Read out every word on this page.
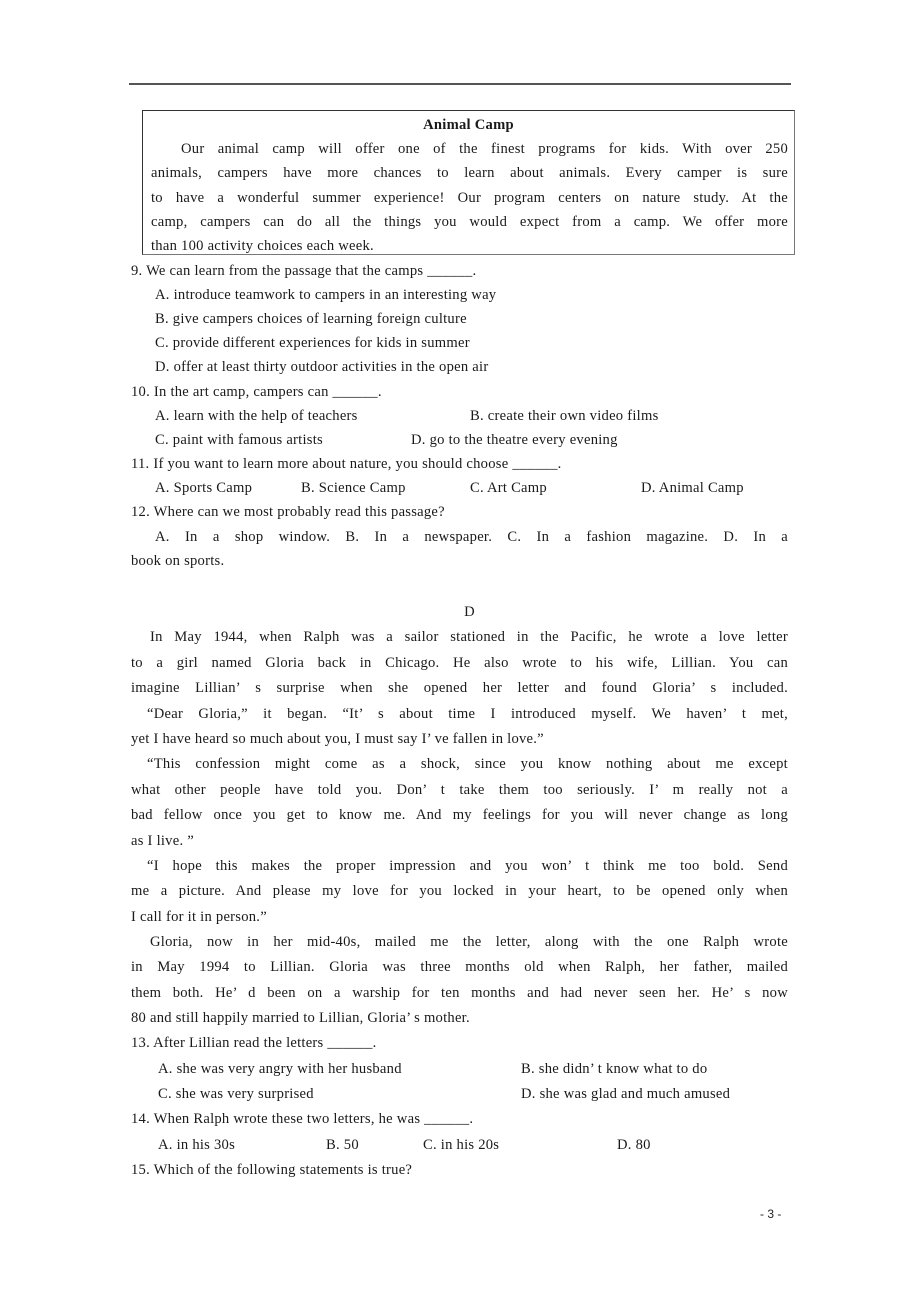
Animal Camp
Our animal camp will offer one of the finest programs for kids. With over 250
animals, campers have more chances to learn about animals. Every camper is sure
to have a wonderful summer experience! Our program centers on nature study. At the
camp, campers can do all the things you would expect from a camp. We offer more
than 100 activity choices each week.
9. We can learn from the passage that the camps ______.
A. introduce teamwork to campers in an interesting way
B. give campers choices of learning foreign culture
C. provide different experiences for kids in summer
D. offer at least thirty outdoor activities in the open air
10. In the art camp, campers can ______.
A. learn with the help of teachers	B. create their own video films
C. paint with famous artists	D. go to the theatre every evening
11. If you want to learn more about nature, you should choose ______.
A. Sports Camp	B. Science Camp	C. Art Camp	D. Animal Camp
12. Where can we most probably read this passage?
A. In a shop window. B. In a newspaper. C. In a fashion magazine. D. In a
book on sports.
D
In May 1944, when Ralph was a sailor stationed in the Pacific, he wrote a love letter
to a girl named Gloria back in Chicago. He also wrote to his wife, Lillian. You can
imagine Lillian’ s surprise when she opened her letter and found Gloria’ s included.
“Dear Gloria,” it began. “It’ s about time I introduced myself. We haven’ t met,
yet I have heard so much about you, I must say I’ ve fallen in love.”
“This confession might come as a shock, since you know nothing about me except
what other people have told you. Don’ t take them too seriously. I’ m really not a
bad fellow once you get to know me. And my feelings for you will never change as long
as I live. ”
“I hope this makes the proper impression and you won’ t think me too bold. Send
me a picture. And please my love for you locked in your heart, to be opened only when
I call for it in person.”
Gloria, now in her mid-40s, mailed me the letter, along with the one Ralph wrote
in May 1994 to Lillian. Gloria was three months old when Ralph, her father, mailed
them both. He’ d been on a warship for ten months and had never seen her. He’ s now
80 and still happily married to Lillian, Gloria’ s mother.
13. After Lillian read the letters ______.
A. she was very angry with her husband	B. she didn’ t know what to do
C. she was very surprised	D. she was glad and much amused
14. When Ralph wrote these two letters, he was ______.
A. in his 30s	B. 50	C. in his 20s	D. 80
15. Which of the following statements is true?
- 3 -
